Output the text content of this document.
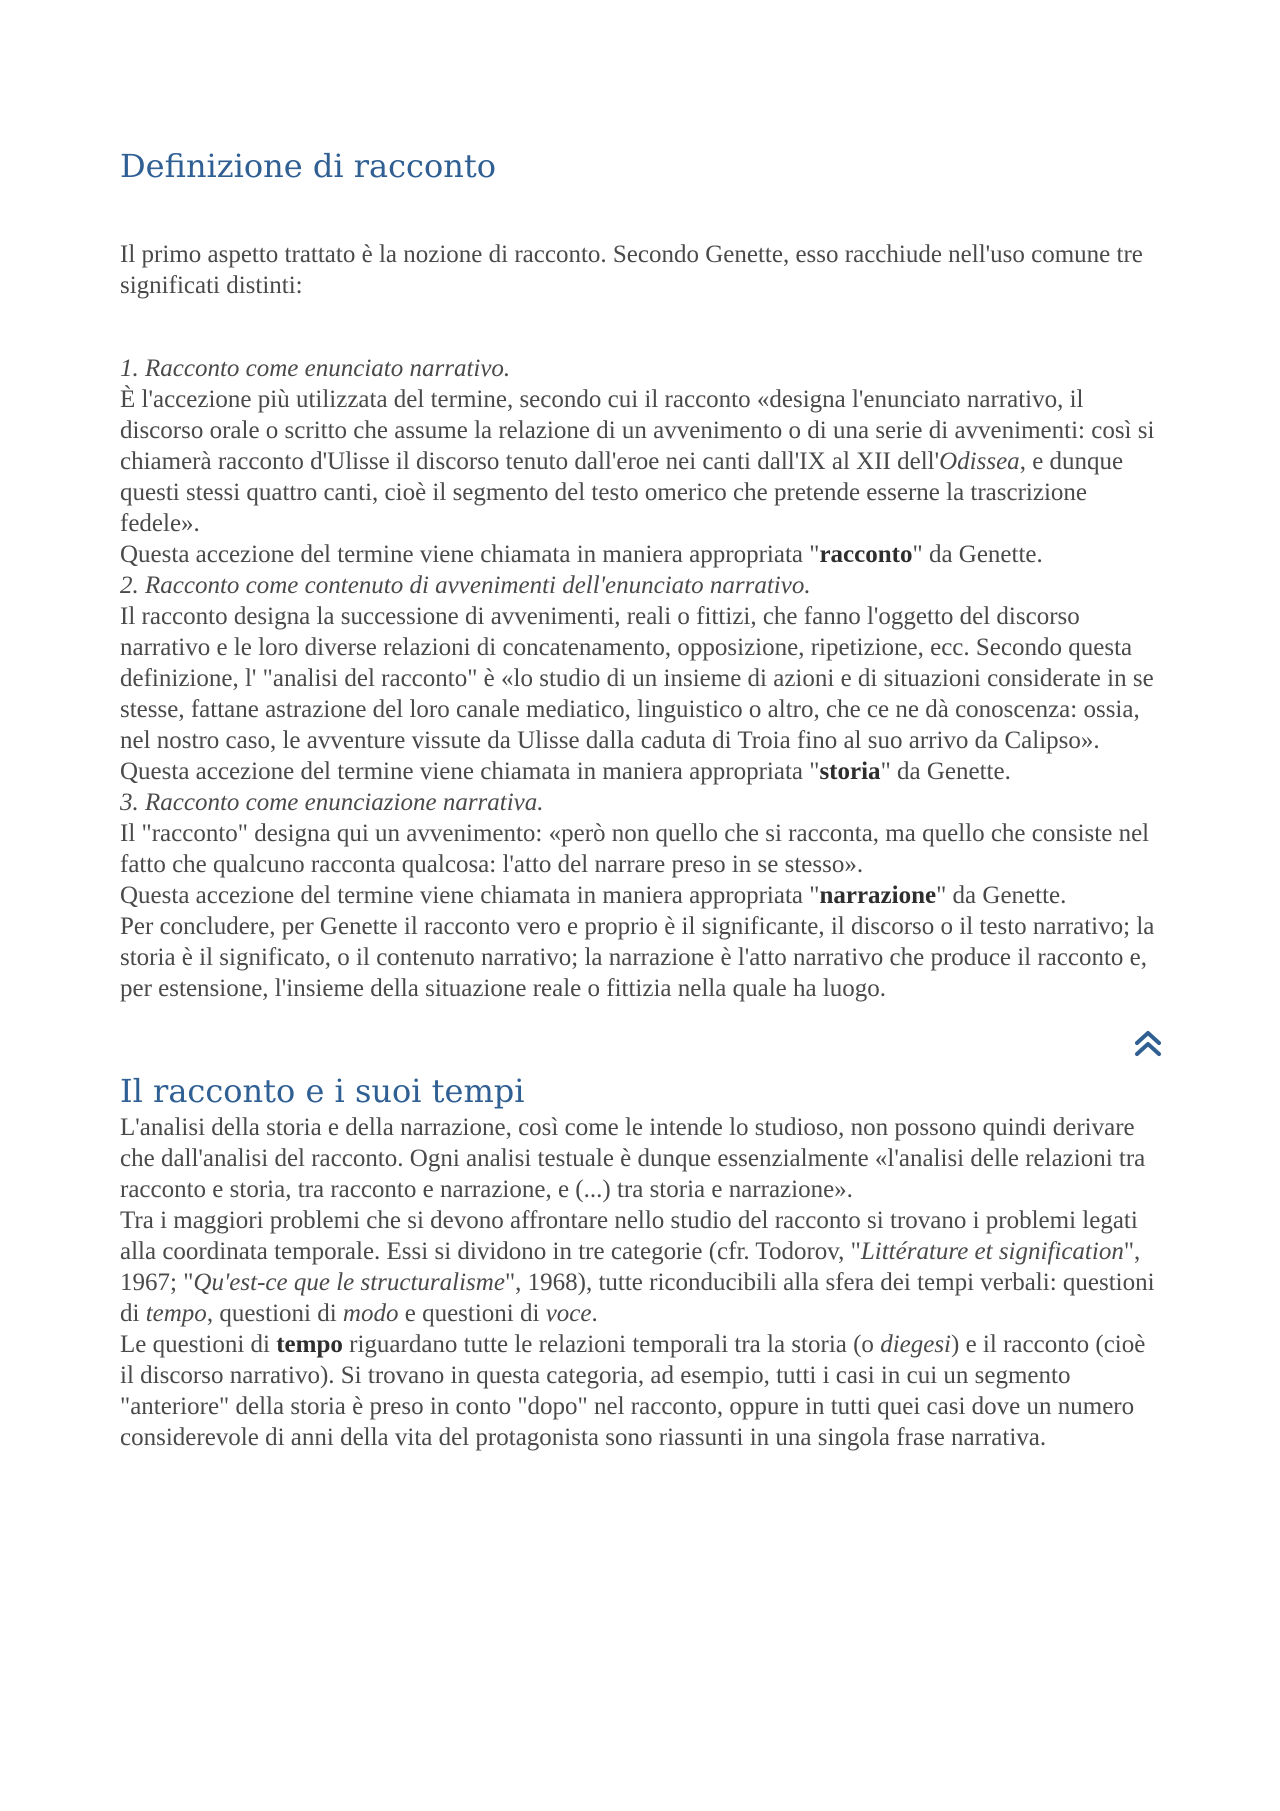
Definizione di racconto

Il primo aspetto trattato è la nozione di racconto. Secondo Genette, esso racchiude nell'uso comune tre significati distinti:

1. Racconto come enunciato narrativo.

È l'accezione più utilizzata del termine, secondo cui il racconto «designa l'enunciato narrativo, il discorso orale o scritto che assume la relazione di un avvenimento o di una serie di avvenimenti: così si chiamerà racconto d'Ulisse il discorso tenuto dall'eroe nei canti dall'IX al XII dell'Odissea, e dunque questi stessi quattro canti, cioè il segmento del testo omerico che pretende esserne la trascrizione fedele».

Questa accezione del termine viene chiamata in maniera appropriata "racconto" da Genette.

2. Racconto come contenuto di avvenimenti dell'enunciato narrativo.

Il racconto designa la successione di avvenimenti, reali o fittizi, che fanno l'oggetto del discorso narrativo e le loro diverse relazioni di concatenamento, opposizione, ripetizione, ecc. Secondo questa definizione, l' "analisi del racconto" è «lo studio di un insieme di azioni e di situazioni considerate in se stesse, fattane astrazione del loro canale mediatico, linguistico o altro, che ce ne dà conoscenza: ossia, nel nostro caso, le avventure vissute da Ulisse dalla caduta di Troia fino al suo arrivo da Calipso».

Questa accezione del termine viene chiamata in maniera appropriata "storia" da Genette.

3. Racconto come enunciazione narrativa.

Il "racconto" designa qui un avvenimento: «però non quello che si racconta, ma quello che consiste nel fatto che qualcuno racconta qualcosa: l'atto del narrare preso in se stesso».

Questa accezione del termine viene chiamata in maniera appropriata "narrazione" da Genette.

Per concludere, per Genette il racconto vero e proprio è il significante, il discorso o il testo narrativo; la storia è il significato, o il contenuto narrativo; la narrazione è l'atto narrativo che produce il racconto e, per estensione, l'insieme della situazione reale o fittizia nella quale ha luogo.

Il racconto e i suoi tempi

L'analisi della storia e della narrazione, così come le intende lo studioso, non possono quindi derivare che dall'analisi del racconto. Ogni analisi testuale è dunque essenzialmente «l'analisi delle relazioni tra racconto e storia, tra racconto e narrazione, e (...) tra storia e narrazione».

Tra i maggiori problemi che si devono affrontare nello studio del racconto si trovano i problemi legati alla coordinata temporale. Essi si dividono in tre categorie (cfr. Todorov, "Littérature et signification", 1967; "Qu'est-ce que le structuralisme", 1968), tutte riconducibili alla sfera dei tempi verbali: questioni di tempo, questioni di modo e questioni di voce.

Le questioni di tempo riguardano tutte le relazioni temporali tra la storia (o diegesi) e il racconto (cioè il discorso narrativo). Si trovano in questa categoria, ad esempio, tutti i casi in cui un segmento "anteriore" della storia è preso in conto "dopo" nel racconto, oppure in tutti quei casi dove un numero considerevole di anni della vita del protagonista sono riassunti in una singola frase narrativa.
